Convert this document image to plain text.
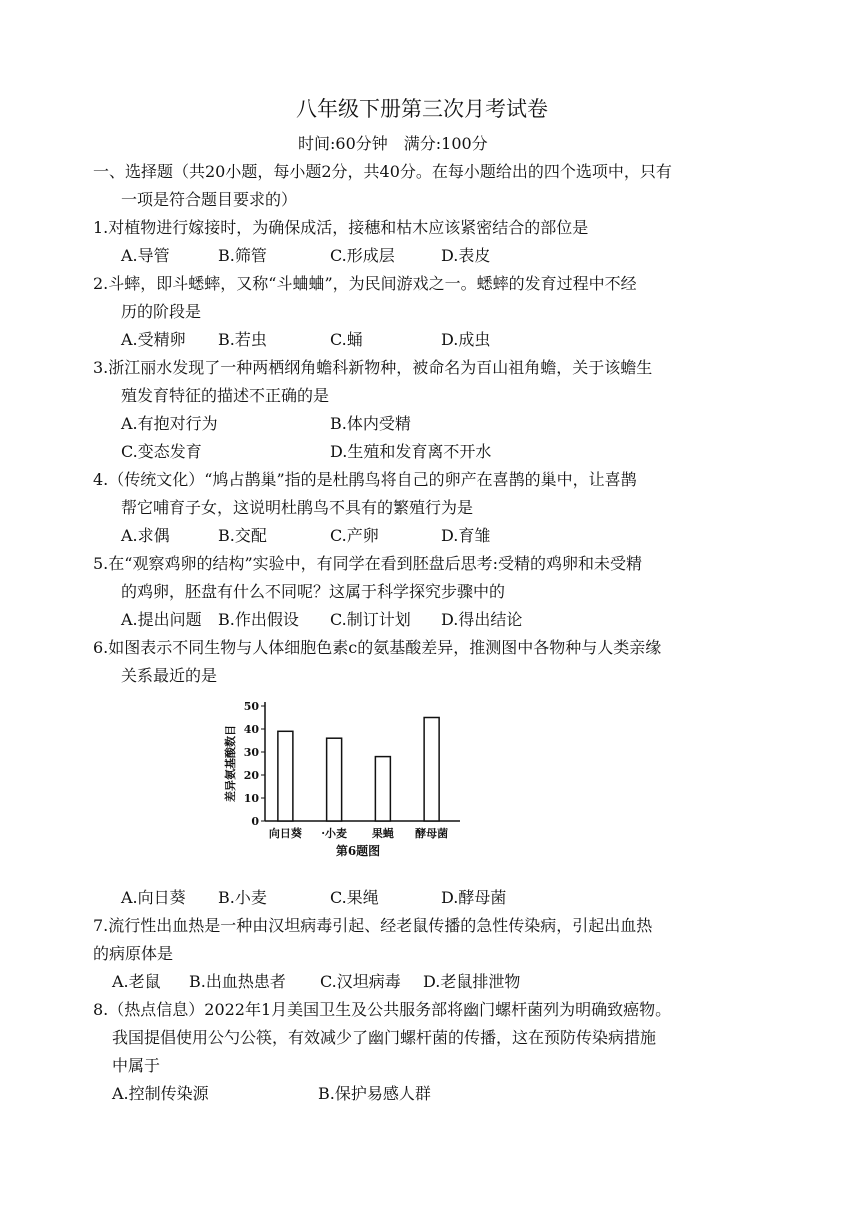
八年级下册第三次月考试卷
时间:60分钟　满分:100分
一、选择题（共20小题，每小题2分，共40分。在每小题给出的四个选项中，只有
一项是符合题目要求的）
1.对植物进行嫁接时，为确保成活，接穗和枯木应该紧密结合的部位是
A.导管	B.筛管	C.形成层	D.表皮
2.斗蟀，即斗蟋蟀，又称“斗蛐蛐”，为民间游戏之一。蟋蟀的发育过程中不经
历的阶段是
A.受精卵 B.若虫	C.蛹	D.成虫
3.浙江丽水发现了一种两栖纲角蟾科新物种，被命名为百山祖角蟾，关于该蟾生
殖发育特征的描述不正确的是
A.有抱对行为	B.体内受精
C.变态发育	D.生殖和发育离不开水
4.（传统文化）“鸠占鹊巢”指的是杜鹃鸟将自己的卵产在喜鹊的巢中，让喜鹊
帮它哺育子女，这说明杜鹃鸟不具有的繁殖行为是
A.求偶	B.交配	C.产卵	D.育雏
5.在“观察鸡卵的结构”实验中，有同学在看到胚盘后思考:受精的鸡卵和未受精
的鸡卵，胚盘有什么不同呢？这属于科学探究步骤中的
A.提出问题 B.作出假设 C.制订计划 D.得出结论
6.如图表示不同生物与人体细胞色素c的氨基酸差异，推测图中各物种与人类亲缘
关系最近的是
差异氨基酸数目
0
10
20
30
40
50
向日葵 ·小麦 果蝇 酵母菌
第6题图
A.向日葵 B.小麦	C.果绳	D.酵母菌
7.流行性出血热是一种由汉坦病毒引起、经老鼠传播的急性传染病，引起出血热
的病原体是
A.老鼠 B.出血热患者 C.汉坦病毒 D.老鼠排泄物
8.（热点信息）2022年1月美国卫生及公共服务部将幽门螺杆菌列为明确致癌物。
我国提倡使用公勺公筷，有效减少了幽门螺杆菌的传播，这在预防传染病措施
中属于
A.控制传染源	B.保护易感人群
